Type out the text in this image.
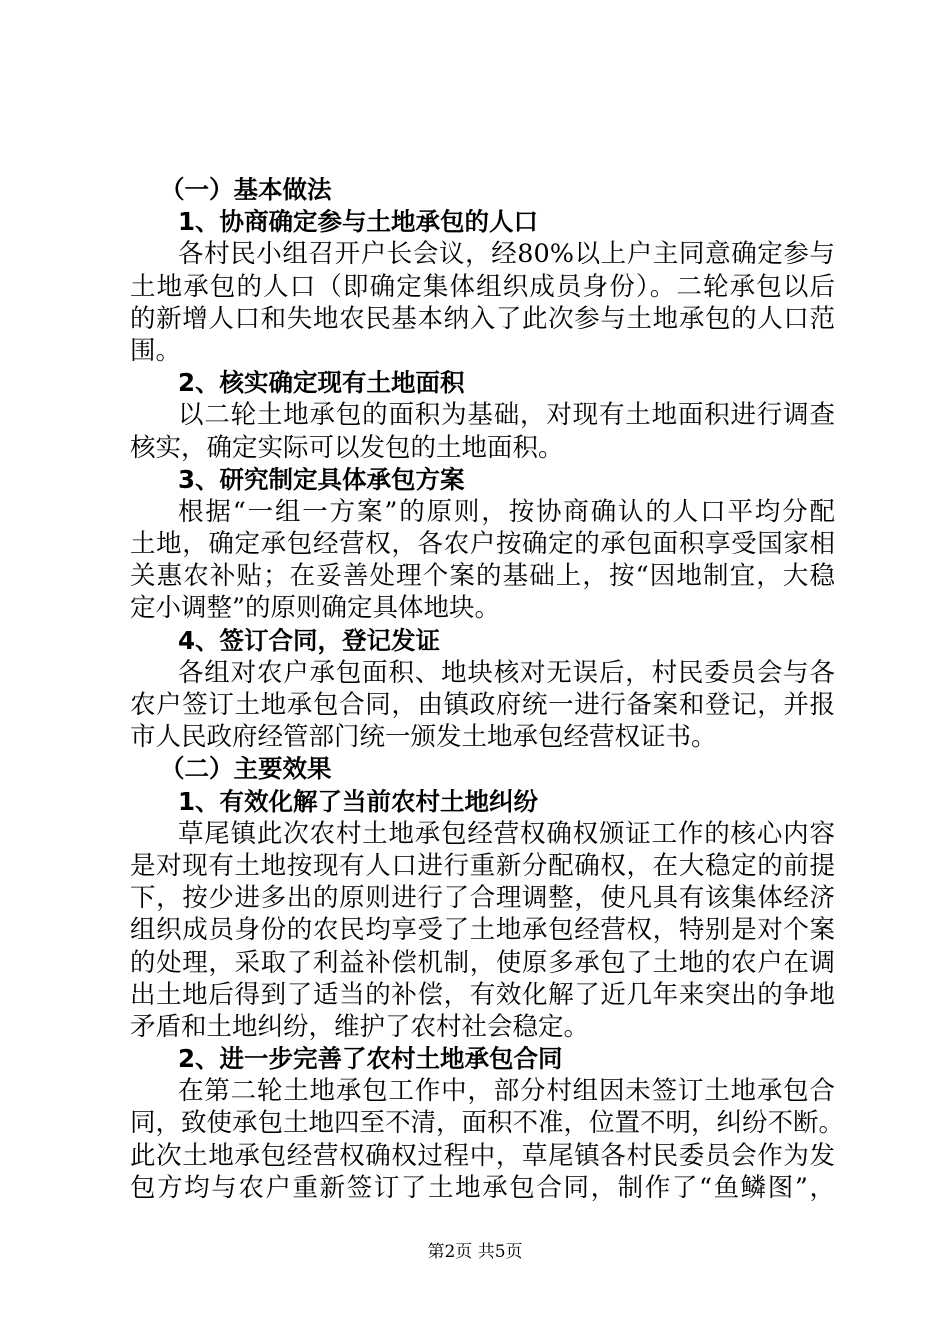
（一）基本做法

1、协商确定参与土地承包的人口

各村民小组召开户长会议，经80%以上户主同意确定参与

土地承包的人口（即确定集体组织成员身份）。二轮承包以后

的新增人口和失地农民基本纳入了此次参与土地承包的人口范

围。

2、核实确定现有土地面积

以二轮土地承包的面积为基础，对现有土地面积进行调查

核实，确定实际可以发包的土地面积。

3、研究制定具体承包方案

根据“一组一方案”的原则，按协商确认的人口平均分配

土地，确定承包经营权，各农户按确定的承包面积享受国家相

关惠农补贴；在妥善处理个案的基础上，按“因地制宜，大稳

定小调整”的原则确定具体地块。

4、签订合同，登记发证

各组对农户承包面积、地块核对无误后，村民委员会与各

农户签订土地承包合同，由镇政府统一进行备案和登记，并报

市人民政府经管部门统一颁发土地承包经营权证书。

（二）主要效果

1、有效化解了当前农村土地纠纷

草尾镇此次农村土地承包经营权确权颁证工作的核心内容

是对现有土地按现有人口进行重新分配确权，在大稳定的前提

下，按少进多出的原则进行了合理调整，使凡具有该集体经济

组织成员身份的农民均享受了土地承包经营权，特别是对个案

的处理，采取了利益补偿机制，使原多承包了土地的农户在调

出土地后得到了适当的补偿，有效化解了近几年来突出的争地

矛盾和土地纠纷，维护了农村社会稳定。

2、进一步完善了农村土地承包合同

在第二轮土地承包工作中，部分村组因未签订土地承包合

同，致使承包土地四至不清，面积不准，位置不明，纠纷不断。

此次土地承包经营权确权过程中，草尾镇各村民委员会作为发

包方均与农户重新签订了土地承包合同，制作了“鱼鳞图”，

第2页 共5页
